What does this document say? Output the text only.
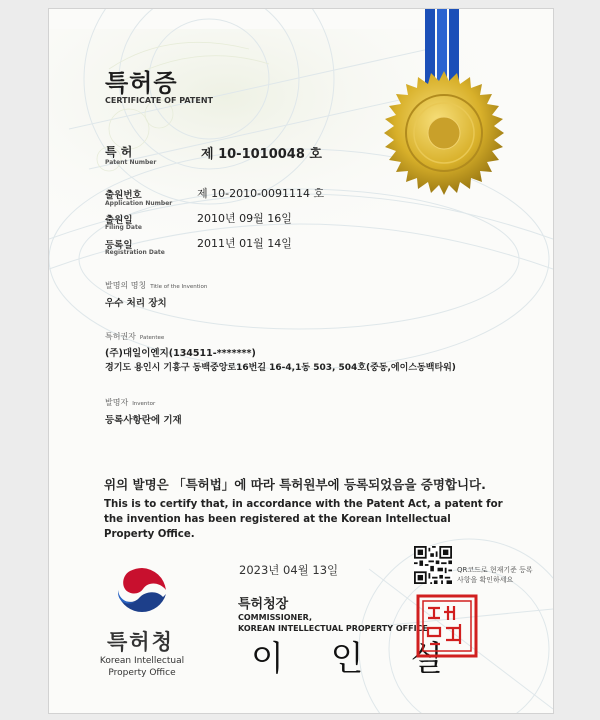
특허증
CERTIFICATE OF PATENT
특 허
Patent Number
제 10-1010048 호
출원번호
Application Number
제 10-2010-0091114 호
출원일
Filing Date
2010년 09월 16일
등록일
Registration Date
2011년 01월 14일
발명의 명칭 Title of the Invention
우수 처리 장치
특허권자 Patentee
(주)대일이엔지(134511-*******)
경기도 용인시 기흥구 동백중앙로16번길 16-4,1동 503, 504호(중동,에이스동백타워)
발명자 Inventor
등록사항란에 기재
위의 발명은 「특허법」에 따라 특허원부에 등록되었음을 증명합니다.
This is to certify that, in accordance with the Patent Act, a patent for the invention has been registered at the Korean Intellectual Property Office.
2023년 04월 13일	QR코드로 현재기준 등록사항을 확인하세요
특허청장
COMMISSIONER,
KOREAN INTELLECTUAL PROPERTY OFFICE
이 인 실
특허청
Korean Intellectual
Property Office
